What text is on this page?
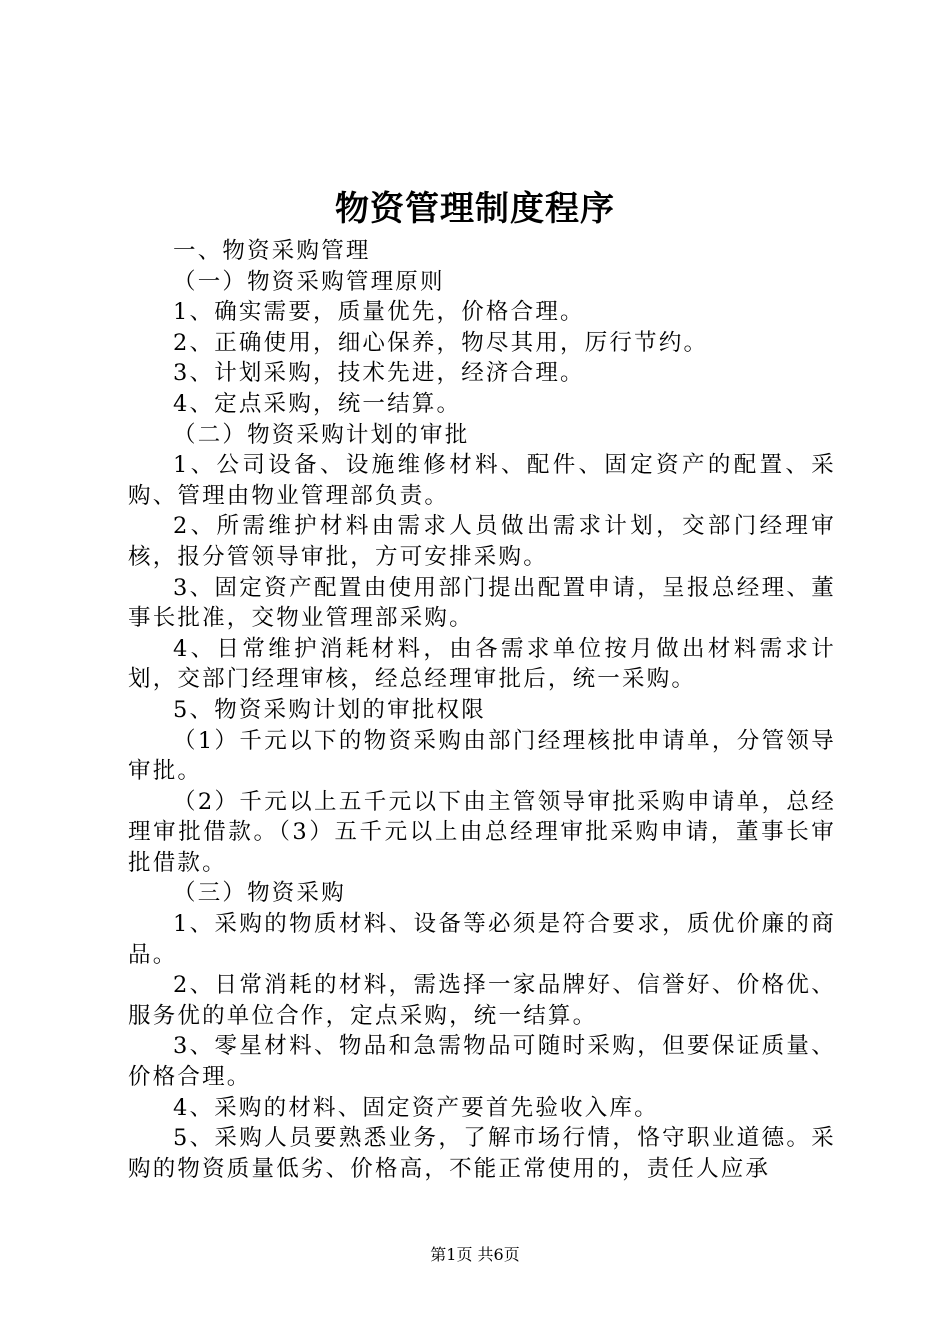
物资管理制度程序

一、物资采购管理

（一）物资采购管理原则

1、确实需要，质量优先，价格合理。

2、正确使用，细心保养，物尽其用，厉行节约。

3、计划采购，技术先进，经济合理。

4、定点采购，统一结算。

（二）物资采购计划的审批

1、公司设备、设施维修材料、配件、固定资产的配置、采购、管理由物业管理部负责。

2、所需维护材料由需求人员做出需求计划，交部门经理审核，报分管领导审批，方可安排采购。

3、固定资产配置由使用部门提出配置申请，呈报总经理、董事长批准，交物业管理部采购。

4、日常维护消耗材料，由各需求单位按月做出材料需求计划，交部门经理审核，经总经理审批后，统一采购。

5、物资采购计划的审批权限

（1）千元以下的物资采购由部门经理核批申请单，分管领导审批。

（2）千元以上五千元以下由主管领导审批采购申请单，总经理审批借款。（3）五千元以上由总经理审批采购申请，董事长审批借款。

（三）物资采购

1、采购的物质材料、设备等必须是符合要求，质优价廉的商品。

2、日常消耗的材料，需选择一家品牌好、信誉好、价格优、服务优的单位合作，定点采购，统一结算。

3、零星材料、物品和急需物品可随时采购，但要保证质量、价格合理。

4、采购的材料、固定资产要首先验收入库。

5、采购人员要熟悉业务，了解市场行情，恪守职业道德。采购的物资质量低劣、价格高，不能正常使用的，责任人应承

第1页 共6页
